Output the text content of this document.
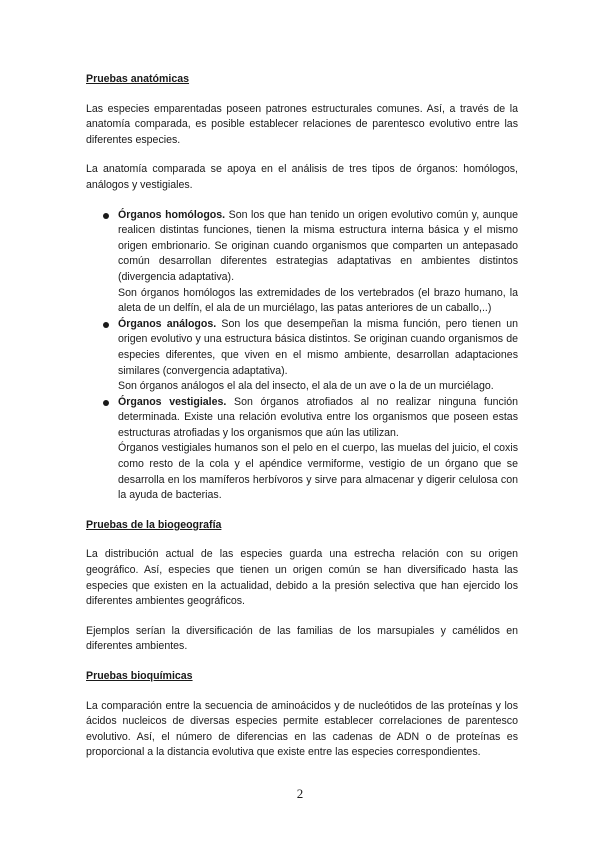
Pruebas anatómicas

Las especies emparentadas poseen patrones estructurales comunes. Así, a través de la anatomía comparada, es posible establecer relaciones de parentesco evolutivo entre las diferentes especies.

La anatomía comparada se apoya en el análisis de tres tipos de órganos: homólogos, análogos y vestigiales.

Órganos homólogos. Son los que han tenido un origen evolutivo común y, aunque realicen distintas funciones, tienen la misma estructura interna básica y el mismo origen embrionario. Se originan cuando organismos que comparten un antepasado común desarrollan diferentes estrategias adaptativas en ambientes distintos (divergencia adaptativa).
Son órganos homólogos las extremidades de los vertebrados (el brazo humano, la aleta de un delfín, el ala de un murciélago, las patas anteriores de un caballo,..)
Órganos análogos. Son los que desempeñan la misma función, pero tienen un origen evolutivo y una estructura básica distintos. Se originan cuando organismos de especies diferentes, que viven en el mismo ambiente, desarrollan adaptaciones similares (convergencia adaptativa).
Son órganos análogos el ala del insecto, el ala de un ave o la de un murciélago.
Órganos vestigiales. Son órganos atrofiados al no realizar ninguna función determinada. Existe una relación evolutiva entre los organismos que poseen estas estructuras atrofiadas y los organismos que aún las utilizan.
Órganos vestigiales humanos son el pelo en el cuerpo, las muelas del juicio, el coxis como resto de la cola y el apéndice vermiforme, vestigio de un órgano que se desarrolla en los mamíferos herbívoros y sirve para almacenar y digerir celulosa con la ayuda de bacterias.
Pruebas de la biogeografía

La distribución actual de las especies guarda una estrecha relación con su origen geográfico. Así, especies que tienen un origen común se han diversificado hasta las especies que existen en la actualidad, debido a la presión selectiva que han ejercido los diferentes ambientes geográficos.

Ejemplos serían la diversificación de las familias de los marsupiales y camélidos en diferentes ambientes.

Pruebas bioquímicas

La comparación entre la secuencia de aminoácidos y de nucleótidos de las proteínas y los ácidos nucleicos de diversas especies permite establecer correlaciones de parentesco evolutivo. Así, el número de diferencias en las cadenas de ADN o de proteínas es proporcional a la distancia evolutiva que existe entre las especies correspondientes.

2
